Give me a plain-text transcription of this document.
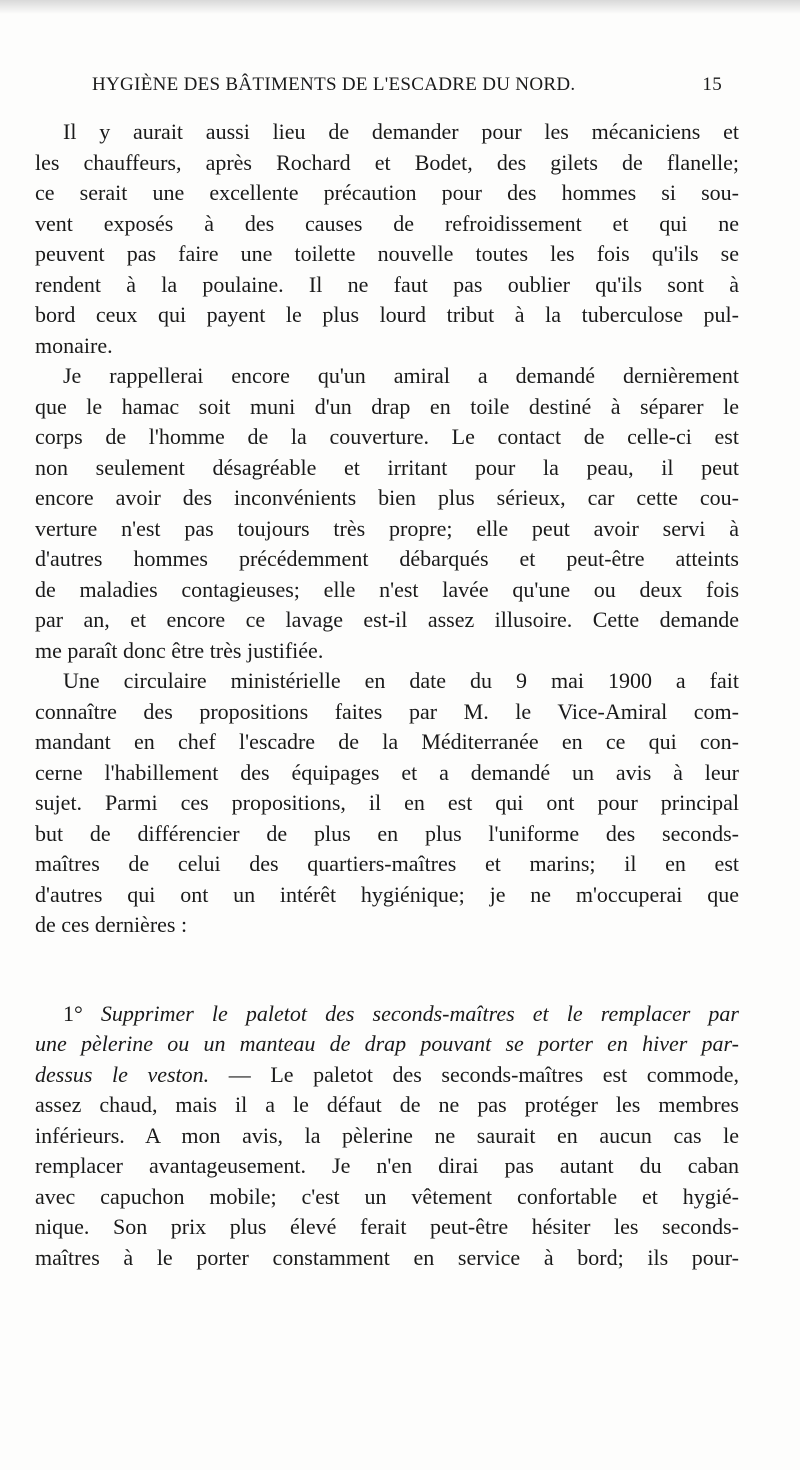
HYGIÈNE DES BÂTIMENTS DE L'ESCADRE DU NORD.	15
Il y aurait aussi lieu de demander pour les mécaniciens et
les chauffeurs, après Rochard et Bodet, des gilets de flanelle;
ce serait une excellente précaution pour des hommes si sou-
vent exposés à des causes de refroidissement et qui ne
peuvent pas faire une toilette nouvelle toutes les fois qu'ils se
rendent à la poulaine. Il ne faut pas oublier qu'ils sont à
bord ceux qui payent le plus lourd tribut à la tuberculose pul-
monaire.
Je rappellerai encore qu'un amiral a demandé dernièrement
que le hamac soit muni d'un drap en toile destiné à séparer le
corps de l'homme de la couverture. Le contact de celle-ci est
non seulement désagréable et irritant pour la peau, il peut
encore avoir des inconvénients bien plus sérieux, car cette cou-
verture n'est pas toujours très propre; elle peut avoir servi à
d'autres hommes précédemment débarqués et peut-être atteints
de maladies contagieuses; elle n'est lavée qu'une ou deux fois
par an, et encore ce lavage est-il assez illusoire. Cette demande
me paraît donc être très justifiée.
Une circulaire ministérielle en date du 9 mai 1900 a fait
connaître des propositions faites par M. le Vice-Amiral com-
mandant en chef l'escadre de la Méditerranée en ce qui con-
cerne l'habillement des équipages et a demandé un avis à leur
sujet. Parmi ces propositions, il en est qui ont pour principal
but de différencier de plus en plus l'uniforme des seconds-
maîtres de celui des quartiers-maîtres et marins; il en est
d'autres qui ont un intérêt hygiénique; je ne m'occuperai que
de ces dernières :
1° Supprimer le paletot des seconds-maîtres et le remplacer par
une pèlerine ou un manteau de drap pouvant se porter en hiver par-
dessus le veston. — Le paletot des seconds-maîtres est commode,
assez chaud, mais il a le défaut de ne pas protéger les membres
inférieurs. A mon avis, la pèlerine ne saurait en aucun cas le
remplacer avantageusement. Je n'en dirai pas autant du caban
avec capuchon mobile; c'est un vêtement confortable et hygié-
nique. Son prix plus élevé ferait peut-être hésiter les seconds-
maîtres à le porter constamment en service à bord; ils pour-
